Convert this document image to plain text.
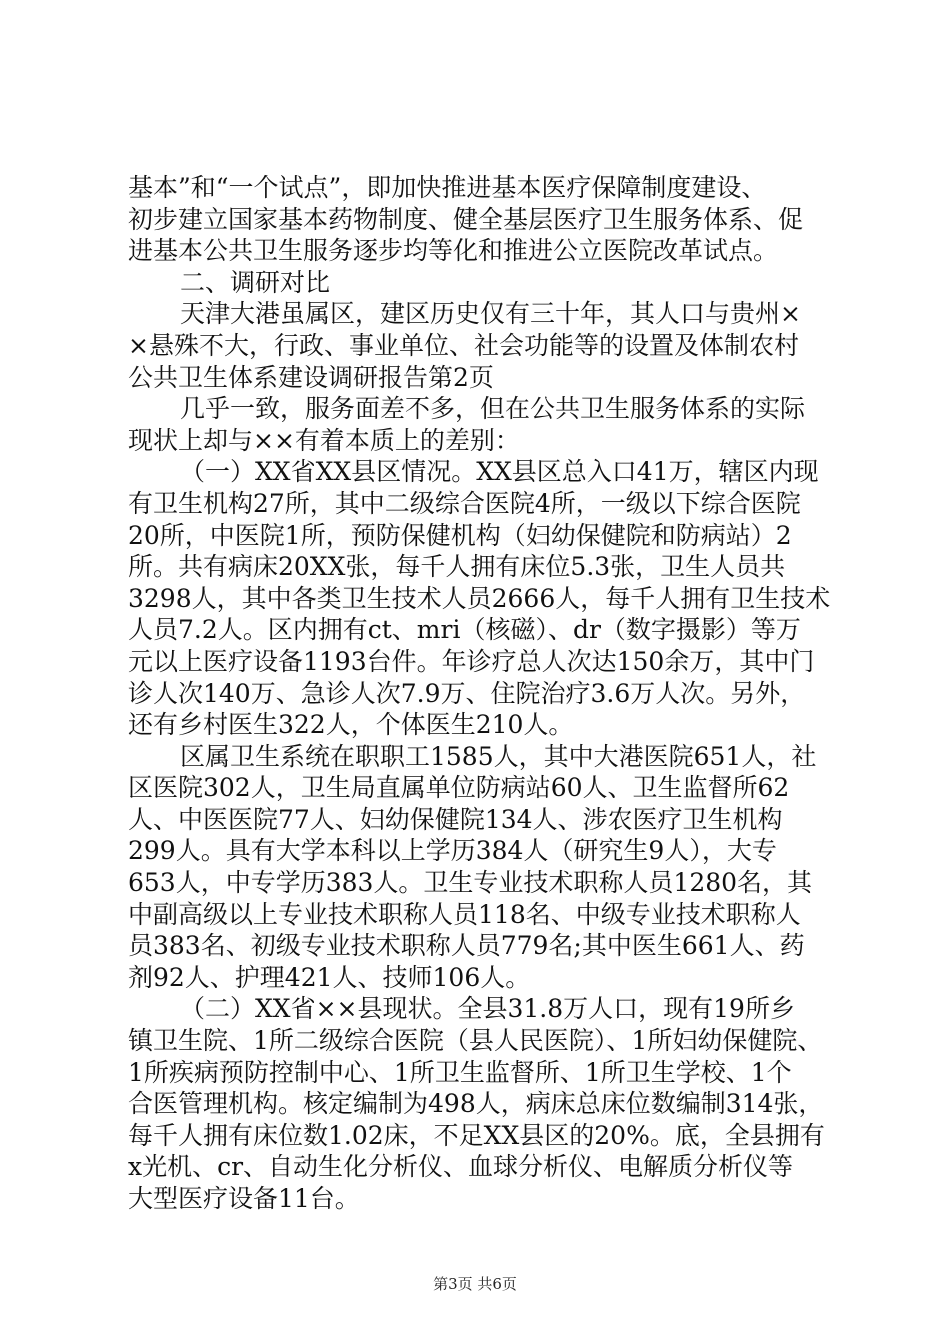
基本”和“一个试点”，即加快推进基本医疗保障制度建设、
初步建立国家基本药物制度、健全基层医疗卫生服务体系、促
进基本公共卫生服务逐步均等化和推进公立医院改革试点。
二、调研对比
天津大港虽属区，建区历史仅有三十年，其人口与贵州×
×悬殊不大，行政、事业单位、社会功能等的设置及体制农村
公共卫生体系建设调研报告第2页
几乎一致，服务面差不多，但在公共卫生服务体系的实际
现状上却与××有着本质上的差别：
（一）XX省XX县区情况。XX县区总入口41万，辖区内现
有卫生机构27所，其中二级综合医院4所，一级以下综合医院
20所，中医院1所，预防保健机构（妇幼保健院和防病站）2
所。共有病床20XX张，每千人拥有床位5.3张，卫生人员共
3298人，其中各类卫生技术人员2666人，每千人拥有卫生技术
人员7.2人。区内拥有ct、mri（核磁）、dr（数字摄影）等万
元以上医疗设备1193台件。年诊疗总人次达150余万，其中门
诊人次140万、急诊人次7.9万、住院治疗3.6万人次。另外，
还有乡村医生322人，个体医生210人。
区属卫生系统在职职工1585人，其中大港医院651人，社
区医院302人，卫生局直属单位防病站60人、卫生监督所62
人、中医医院77人、妇幼保健院134人、涉农医疗卫生机构
299人。具有大学本科以上学历384人（研究生9人），大专
653人，中专学历383人。卫生专业技术职称人员1280名，其
中副高级以上专业技术职称人员118名、中级专业技术职称人
员383名、初级专业技术职称人员779名;其中医生661人、药
剂92人、护理421人、技师106人。
（二）XX省××县现状。全县31.8万人口，现有19所乡
镇卫生院、1所二级综合医院（县人民医院）、1所妇幼保健院、
1所疾病预防控制中心、1所卫生监督所、1所卫生学校、1个
合医管理机构。核定编制为498人，病床总床位数编制314张，
每千人拥有床位数1.02床，不足XX县区的20%。底，全县拥有
x光机、cr、自动生化分析仪、血球分析仪、电解质分析仪等
大型医疗设备11台。
第3页 共6页
